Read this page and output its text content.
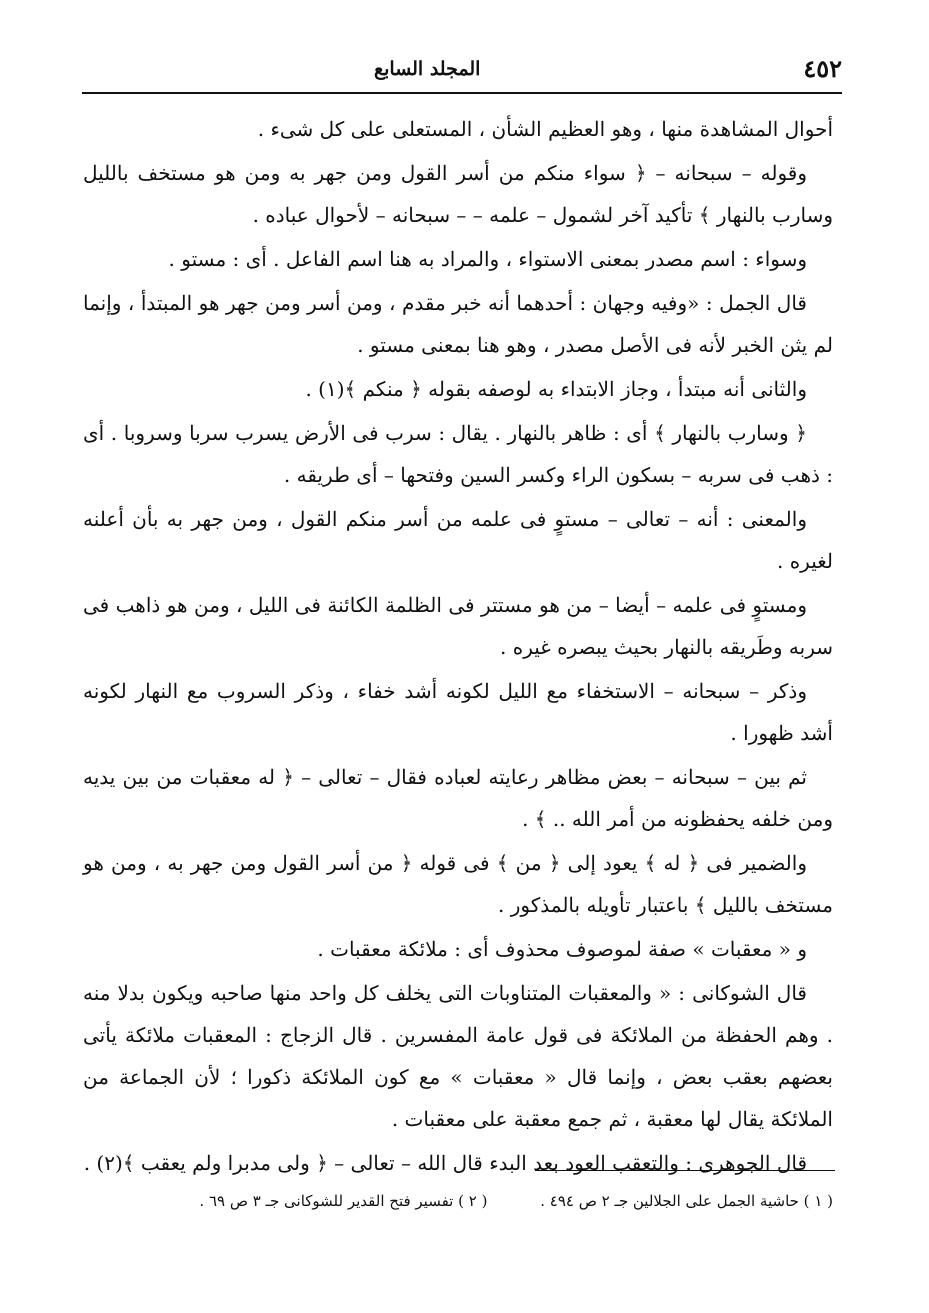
٤٥٢
المجلد السابع

أحوال المشاهدة منها ، وهو العظيم الشأن ، المستعلى على كل شىء .

وقوله – سبحانه – ﴿ سواء منكم من أسر القول ومن جهر به ومن هو مستخف بالليل وسارب بالنهار ﴾ تأكيد آخر لشمول – علمه – – سبحانه – لأحوال عباده .

وسواء : اسم مصدر بمعنى الاستواء ، والمراد به هنا اسم الفاعل . أى : مستو .

قال الجمل : «وفيه وجهان : أحدهما أنه خبر مقدم ، ومن أسر ومن جهر هو المبتدأ ، وإنما لم يثن الخبر لأنه فى الأصل مصدر ، وهو هنا بمعنى مستو .

والثانى أنه مبتدأ ، وجاز الابتداء به لوصفه بقوله ﴿ منكم ﴾(١) .

﴿ وسارب بالنهار ﴾ أى : ظاهر بالنهار . يقال : سرب فى الأرض يسرب سربا وسروبا . أى : ذهب فى سربه – بسكون الراء وكسر السين وفتحها – أى طريقه .

والمعنى : أنه – تعالى – مستوٍ فى علمه من أسر منكم القول ، ومن جهر به بأن أعلنه لغيره .

ومستوٍ فى علمه – أيضا – من هو مستتر فى الظلمة الكائنة فى الليل ، ومن هو ذاهب فى سربه وطَريقه بالنهار بحيث يبصره غيره .

وذكر – سبحانه – الاستخفاء مع الليل لكونه أشد خفاء ، وذكر السروب مع النهار لكونه أشد ظهورا .

ثم بين – سبحانه – بعض مظاهر رعايته لعباده فقال – تعالى – ﴿ له معقبات من بين يديه ومن خلفه يحفظونه من أمر الله .. ﴾ .

والضمير فى ﴿ له ﴾ يعود إلى ﴿ من ﴾ فى قوله ﴿ من أسر القول ومن جهر به ، ومن هو مستخف بالليل ﴾ باعتبار تأويله بالمذكور .

و « معقبات » صفة لموصوف محذوف أى : ملائكة معقبات .

قال الشوكانى : « والمعقبات المتناوبات التى يخلف كل واحد منها صاحبه ويكون بدلا منه . وهم الحفظة من الملائكة فى قول عامة المفسرين . قال الزجاج : المعقبات ملائكة يأتى بعضهم بعقب بعض ، وإنما قال « معقبات » مع كون الملائكة ذكورا ؛ لأن الجماعة من الملائكة يقال لها معقبة ، ثم جمع معقبة على معقبات .

قال الجوهرى : والتعقب العود بعد البدء قال الله – تعالى – ﴿ ولى مدبرا ولم يعقب ﴾(٢) .

( ١ ) حاشية الجمل على الجلالين جـ ٢ ص ٤٩٤ . ( ٢ ) تفسير فتح القدير للشوكانى جـ ٣ ص ٦٩ .
